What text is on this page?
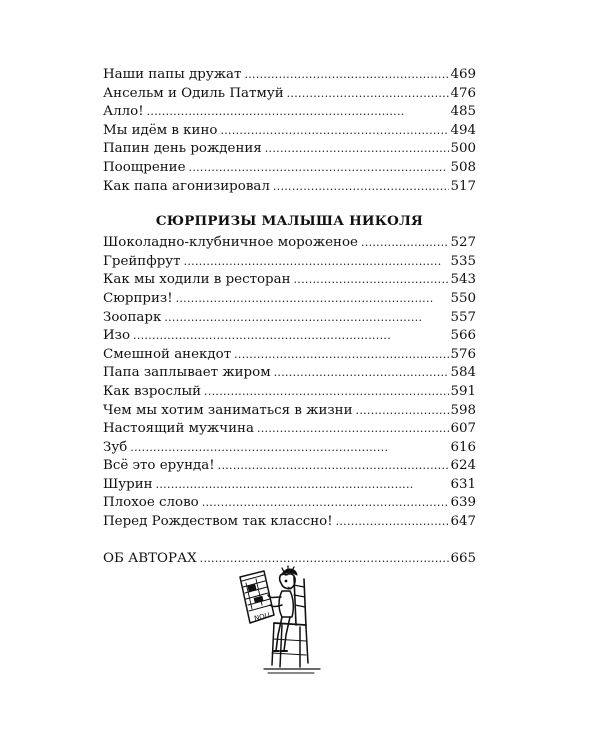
Наши папы дружат . . .	469
Ансельм и Одиль Патмуй . . .	476
Алло! . . .	485
Мы идём в кино . . .	494
Папин день рождения . . .	500
Поощрение . . .	508
Как папа агонизировал . . .	517
СЮРПРИЗЫ МАЛЫША НИКОЛЯ
Шоколадно-клубничное мороженое . . .	527
Грейпфрут . . .	535
Как мы ходили в ресторан . . .	543
Сюрприз! . . .	550
Зоопарк . . .	557
Изо . . .	566
Смешной анекдот . . .	576
Папа заплывает жиром . . .	584
Как взрослый . . .	591
Чем мы хотим заниматься в жизни . . .	598
Настоящий мужчина . . .	607
Зуб . . .	616
Всё это ерунда! . . .	624
Шурин . . .	631
Плохое слово . . .	639
Перед Рождеством так классно! . . .	647
ОБ АВТОРАХ . . .	665
NOU
